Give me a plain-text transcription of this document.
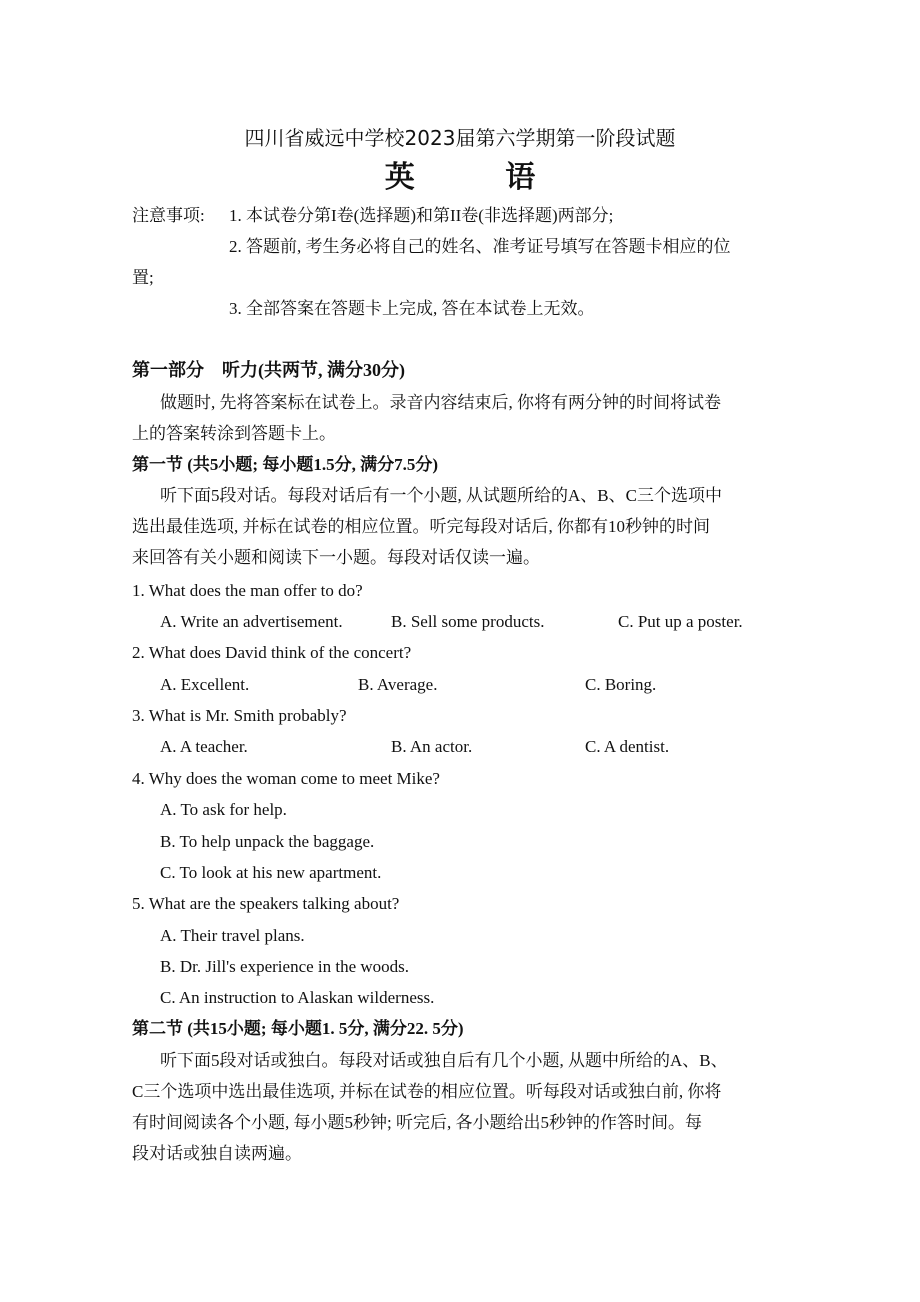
四川省威远中学校2023届第六学期第一阶段试题
英 语
注意事项: 1. 本试卷分第I卷(选择题)和第II卷(非选择题)两部分;
2. 答题前, 考生务必将自己的姓名、准考证号填写在答题卡相应的位
置;
3. 全部答案在答题卡上完成, 答在本试卷上无效。
第一部分　听力(共两节, 满分30分)
做题时, 先将答案标在试卷上。录音内容结束后, 你将有两分钟的时间将试卷
上的答案转涂到答题卡上。
第一节 (共5小题; 每小题1.5分, 满分7.5分)
听下面5段对话。每段对话后有一个小题, 从试题所给的A、B、C三个选项中
选出最佳选项, 并标在试卷的相应位置。听完每段对话后, 你都有10秒钟的时间
来回答有关小题和阅读下一小题。每段对话仅读一遍。
1. What does the man offer to do?
A. Write an advertisement.	B. Sell some products.	C. Put up a poster.
2. What does David think of the concert?
A. Excellent.	B. Average.	C. Boring.
3. What is Mr. Smith probably?
A. A teacher.	B. An actor.	C. A dentist.
4. Why does the woman come to meet Mike?
A. To ask for help.
B. To help unpack the baggage.
C. To look at his new apartment.
5. What are the speakers talking about?
A. Their travel plans.
B. Dr. Jill's experience in the woods.
C. An instruction to Alaskan wilderness.
第二节 (共15小题; 每小题1. 5分, 满分22. 5分)
听下面5段对话或独白。每段对话或独自后有几个小题, 从题中所给的A、B、
C三个选项中选出最佳选项, 并标在试卷的相应位置。听每段对话或独白前, 你将
有时间阅读各个小题, 每小题5秒钟; 听完后, 各小题给出5秒钟的作答时间。每
段对话或独自读两遍。
